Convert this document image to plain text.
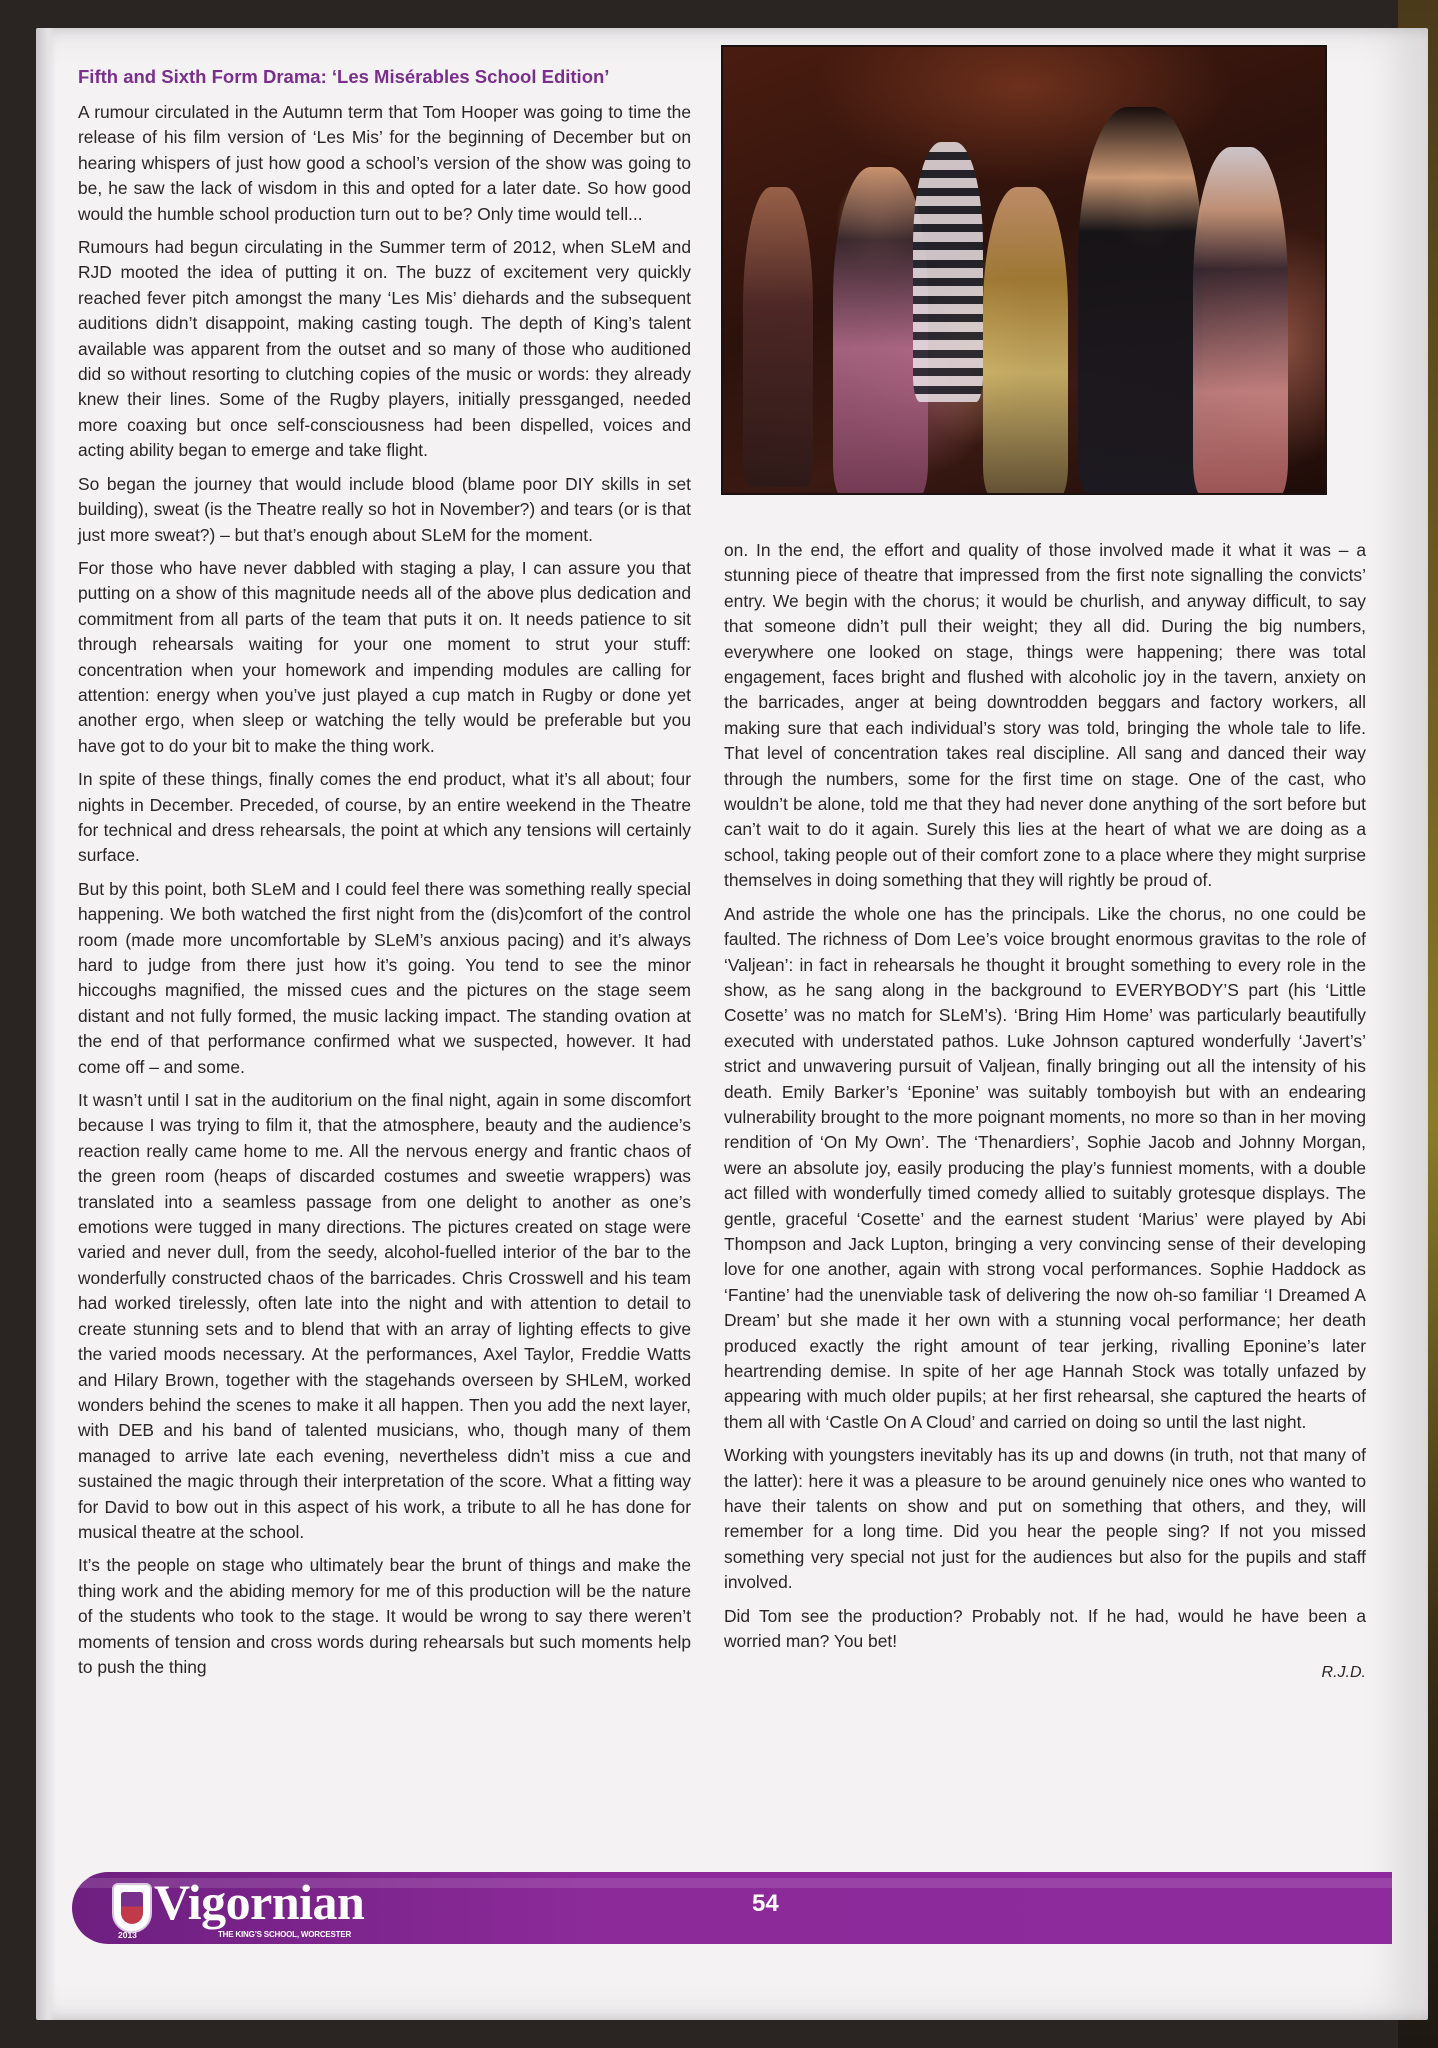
Fifth and Sixth Form Drama: ‘Les Misérables School Edition’

A rumour circulated in the Autumn term that Tom Hooper was going to time the release of his film version of ‘Les Mis’ for the beginning of December but on hearing whispers of just how good a school’s version of the show was going to be, he saw the lack of wisdom in this and opted for a later date. So how good would the humble school production turn out to be? Only time would tell...

Rumours had begun circulating in the Summer term of 2012, when SLeM and RJD mooted the idea of putting it on. The buzz of excitement very quickly reached fever pitch amongst the many ‘Les Mis’ diehards and the subsequent auditions didn’t disappoint, making casting tough. The depth of King’s talent available was apparent from the outset and so many of those who auditioned did so without resorting to clutching copies of the music or words: they already knew their lines. Some of the Rugby players, initially pressganged, needed more coaxing but once self-consciousness had been dispelled, voices and acting ability began to emerge and take flight.

So began the journey that would include blood (blame poor DIY skills in set building), sweat (is the Theatre really so hot in November?) and tears (or is that just more sweat?) – but that’s enough about SLeM for the moment.

For those who have never dabbled with staging a play, I can assure you that putting on a show of this magnitude needs all of the above plus dedication and commitment from all parts of the team that puts it on. It needs patience to sit through rehearsals waiting for your one moment to strut your stuff: concentration when your homework and impending modules are calling for attention: energy when you’ve just played a cup match in Rugby or done yet another ergo, when sleep or watching the telly would be preferable but you have got to do your bit to make the thing work.

In spite of these things, finally comes the end product, what it’s all about; four nights in December. Preceded, of course, by an entire weekend in the Theatre for technical and dress rehearsals, the point at which any tensions will certainly surface.

But by this point, both SLeM and I could feel there was something really special happening. We both watched the first night from the (dis)comfort of the control room (made more uncomfortable by SLeM’s anxious pacing) and it’s always hard to judge from there just how it’s going. You tend to see the minor hiccoughs magnified, the missed cues and the pictures on the stage seem distant and not fully formed, the music lacking impact. The standing ovation at the end of that performance confirmed what we suspected, however. It had come off – and some.

It wasn’t until I sat in the auditorium on the final night, again in some discomfort because I was trying to film it, that the atmosphere, beauty and the audience’s reaction really came home to me. All the nervous energy and frantic chaos of the green room (heaps of discarded costumes and sweetie wrappers) was translated into a seamless passage from one delight to another as one’s emotions were tugged in many directions. The pictures created on stage were varied and never dull, from the seedy, alcohol-fuelled interior of the bar to the wonderfully constructed chaos of the barricades. Chris Crosswell and his team had worked tirelessly, often late into the night and with attention to detail to create stunning sets and to blend that with an array of lighting effects to give the varied moods necessary. At the performances, Axel Taylor, Freddie Watts and Hilary Brown, together with the stagehands overseen by SHLeM, worked wonders behind the scenes to make it all happen. Then you add the next layer, with DEB and his band of talented musicians, who, though many of them managed to arrive late each evening, nevertheless didn’t miss a cue and sustained the magic through their interpretation of the score. What a fitting way for David to bow out in this aspect of his work, a tribute to all he has done for musical theatre at the school.

It’s the people on stage who ultimately bear the brunt of things and make the thing work and the abiding memory for me of this production will be the nature of the students who took to the stage. It would be wrong to say there weren’t moments of tension and cross words during rehearsals but such moments help to push the thing

on. In the end, the effort and quality of those involved made it what it was – a stunning piece of theatre that impressed from the first note signalling the convicts’ entry. We begin with the chorus; it would be churlish, and anyway difficult, to say that someone didn’t pull their weight; they all did. During the big numbers, everywhere one looked on stage, things were happening; there was total engagement, faces bright and flushed with alcoholic joy in the tavern, anxiety on the barricades, anger at being downtrodden beggars and factory workers, all making sure that each individual’s story was told, bringing the whole tale to life. That level of concentration takes real discipline. All sang and danced their way through the numbers, some for the first time on stage. One of the cast, who wouldn’t be alone, told me that they had never done anything of the sort before but can’t wait to do it again. Surely this lies at the heart of what we are doing as a school, taking people out of their comfort zone to a place where they might surprise themselves in doing something that they will rightly be proud of.

And astride the whole one has the principals. Like the chorus, no one could be faulted. The richness of Dom Lee’s voice brought enormous gravitas to the role of ‘Valjean’: in fact in rehearsals he thought it brought something to every role in the show, as he sang along in the background to EVERYBODY’S part (his ‘Little Cosette’ was no match for SLeM’s). ‘Bring Him Home’ was particularly beautifully executed with understated pathos. Luke Johnson captured wonderfully ‘Javert’s’ strict and unwavering pursuit of Valjean, finally bringing out all the intensity of his death. Emily Barker’s ‘Eponine’ was suitably tomboyish but with an endearing vulnerability brought to the more poignant moments, no more so than in her moving rendition of ‘On My Own’. The ‘Thenardiers’, Sophie Jacob and Johnny Morgan, were an absolute joy, easily producing the play’s funniest moments, with a double act filled with wonderfully timed comedy allied to suitably grotesque displays. The gentle, graceful ‘Cosette’ and the earnest student ‘Marius’ were played by Abi Thompson and Jack Lupton, bringing a very convincing sense of their developing love for one another, again with strong vocal performances. Sophie Haddock as ‘Fantine’ had the unenviable task of delivering the now oh-so familiar ‘I Dreamed A Dream’ but she made it her own with a stunning vocal performance; her death produced exactly the right amount of tear jerking, rivalling Eponine’s later heartrending demise. In spite of her age Hannah Stock was totally unfazed by appearing with much older pupils; at her first rehearsal, she captured the hearts of them all with ‘Castle On A Cloud’ and carried on doing so until the last night.

Working with youngsters inevitably has its up and downs (in truth, not that many of the latter): here it was a pleasure to be around genuinely nice ones who wanted to have their talents on show and put on something that others, and they, will remember for a long time. Did you hear the people sing? If not you missed something very special not just for the audiences but also for the pupils and staff involved.

Did Tom see the production? Probably not. If he had, would he have been a worried man? You bet!

R.J.D.
Vigornian
2013	THE KING’S SCHOOL, WORCESTER
54
